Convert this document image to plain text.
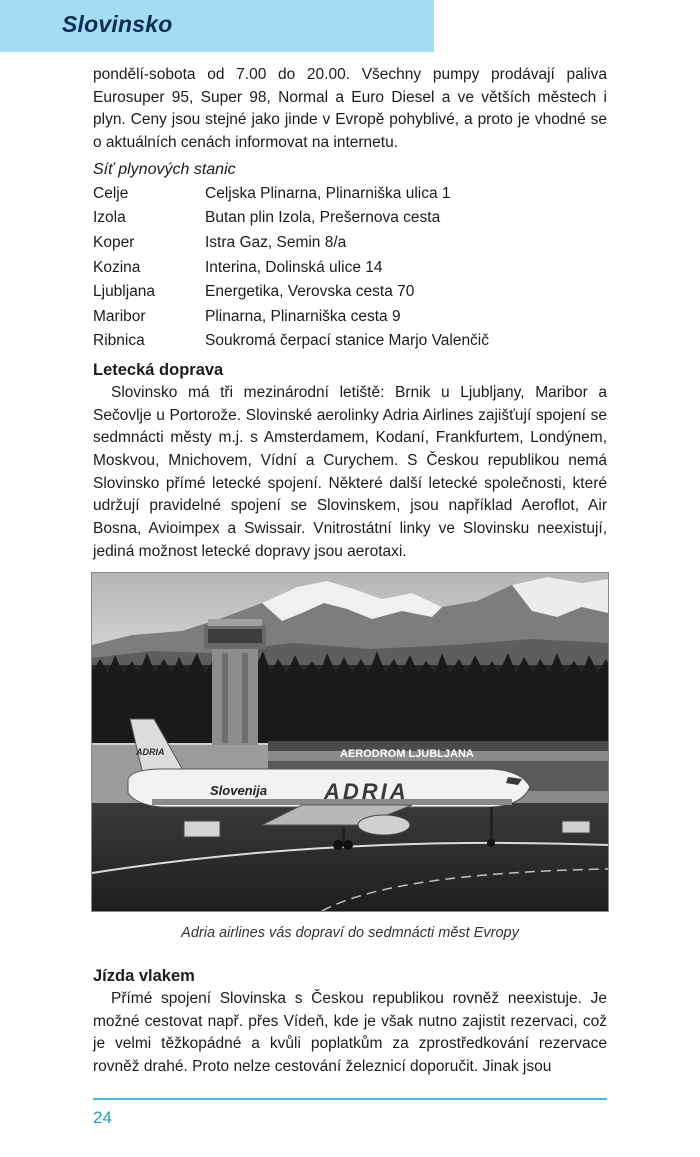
Slovinsko

pondělí-sobota od 7.00 do 20.00. Všechny pumpy prodávají paliva Eurosuper 95, Super 98, Normal a Euro Diesel a ve větších městech i plyn. Ceny jsou stejné jako jinde v Evropě pohyblivé, a proto je vhodné se o aktuálních cenách informovat na internetu.

Síť plynových stanic
Celje	Celjska Plinarna, Plinarniška ulica 1
Izola	Butan plin Izola, Prešernova cesta
Koper	Istra Gaz, Semin 8/a
Kozina	Interina, Dolinská ulice 14
Ljubljana	Energetika, Verovska cesta 70
Maribor	Plinarna, Plinarniška cesta 9
Ribnica	Soukromá čerpací stanice Marjo Valenčič
Letecká doprava

Slovinsko má tři mezinárodní letiště: Brnik u Ljubljany, Maribor a Sečovlje u Portorože. Slovinské aerolinky Adria Airlines zajišťují spojení se sedmnácti městy m.j. s Amsterdamem, Kodaní, Frankfurtem, Londýnem, Moskvou, Mnichovem, Vídní a Curychem. S Českou republikou nemá Slovinsko přímé letecké spojení. Některé další letecké společnosti, které udržují pravidelné spojení se Slovinskem, jsou například Aeroflot, Air Bosna, Avioimpex a Swissair. Vnitrostátní linky ve Slovinsku neexistují, jediná možnost letecké dopravy jsou aerotaxi.

AERODROM LJUBLJANA
ADRIA
Slovenija	ADRIA
Adria airlines vás dopraví do sedmnácti měst Evropy
Jízda vlakem

Přímé spojení Slovinska s Českou republikou rovněž neexistuje. Je možné cestovat např. přes Vídeň, kde je však nutno zajistit rezervaci, což je velmi těžkopádné a kvůli poplatkům za zprostředkování rezervace rovněž drahé. Proto nelze cestování železnicí doporučit. Jinak jsou

24
